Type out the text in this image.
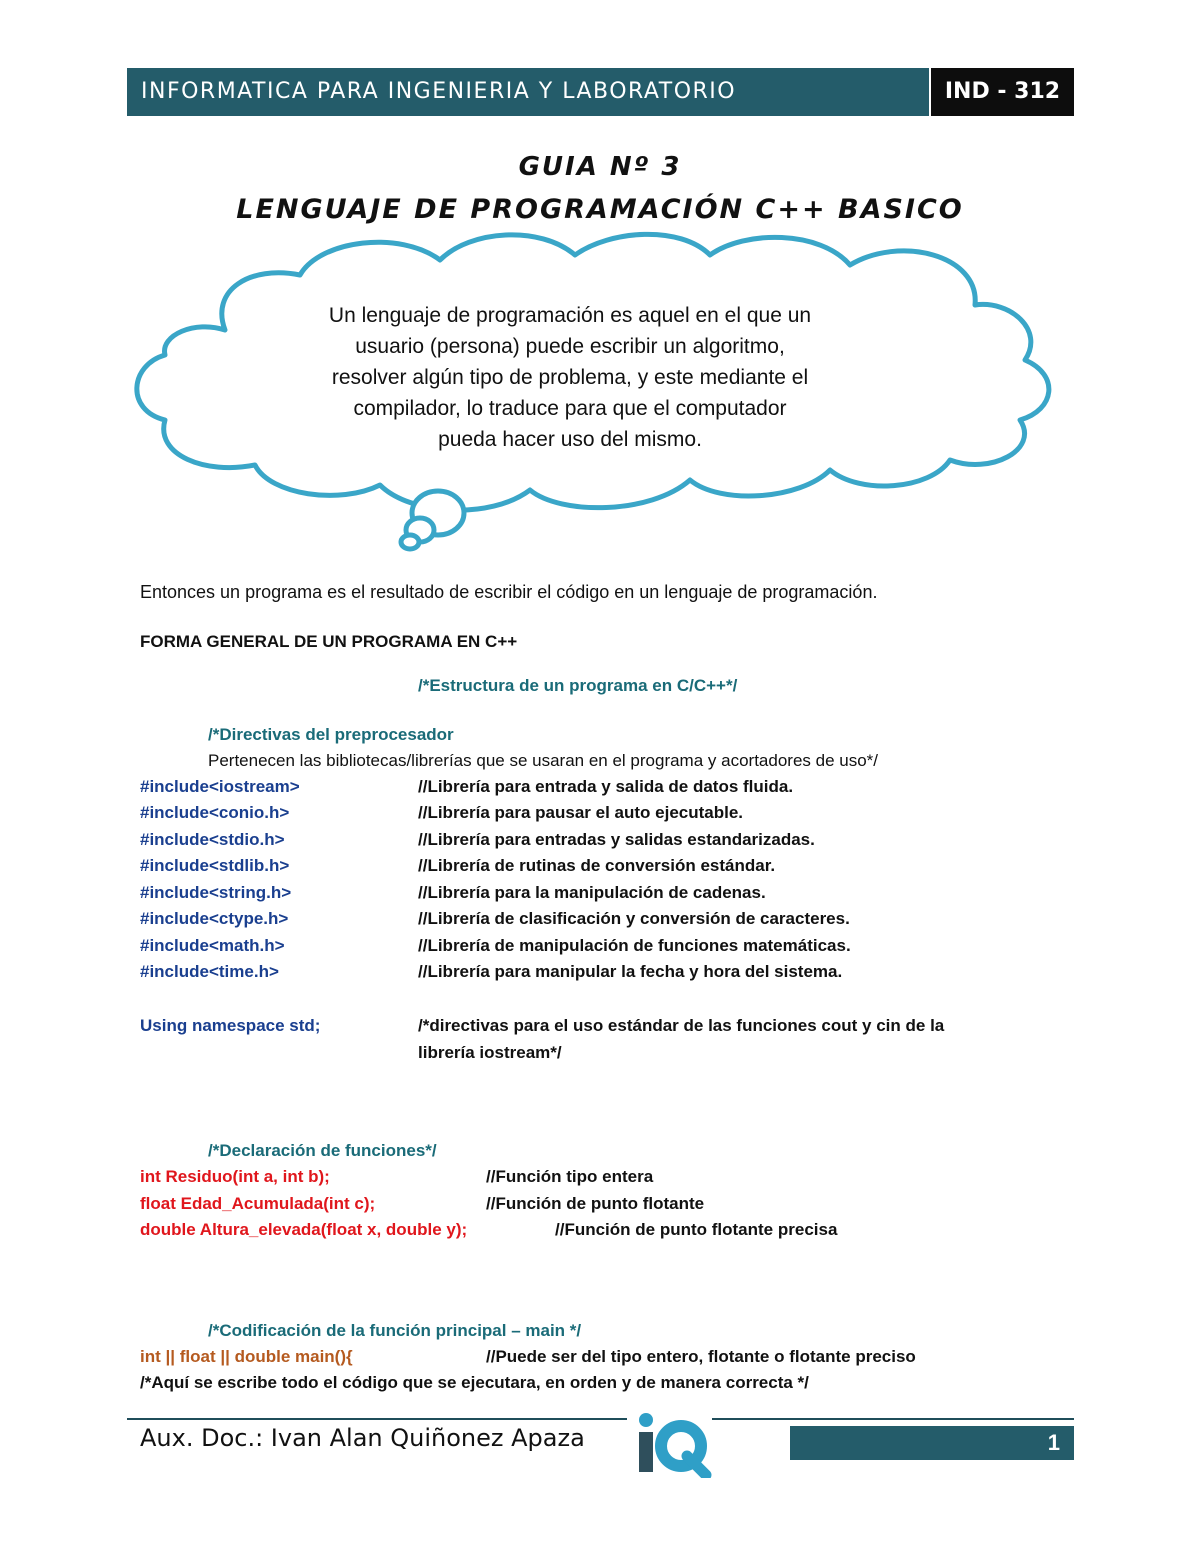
INFORMATICA PARA INGENIERIA Y LABORATORIO	IND - 312
GUIA Nº 3
LENGUAJE DE PROGRAMACIÓN C++ BASICO
Un lenguaje de programación es aquel en el que un
usuario (persona) puede escribir un algoritmo,
resolver algún tipo de problema, y este mediante el
compilador, lo traduce para que el computador
pueda hacer uso del mismo.
Entonces un programa es el resultado de escribir el código en un lenguaje de programación.
FORMA GENERAL DE UN PROGRAMA EN C++
/*Estructura de un programa en C/C++*/
/*Directivas del preprocesador
Pertenecen las bibliotecas/librerías que se usaran en el programa y acortadores de uso*/
#include<iostream>	//Librería para entrada y salida de datos fluida.
#include<conio.h>	//Librería para pausar el auto ejecutable.
#include<stdio.h>	//Librería para entradas y salidas estandarizadas.
#include<stdlib.h>	//Librería de rutinas de conversión estándar.
#include<string.h>	//Librería para la manipulación de cadenas.
#include<ctype.h>	//Librería de clasificación y conversión de caracteres.
#include<math.h>	//Librería de manipulación de funciones matemáticas.
#include<time.h>	//Librería para manipular la fecha y hora del sistema.
Using namespace std;	/*directivas para el uso estándar de las funciones cout y cin de la
librería iostream*/
/*Declaración de funciones*/
int Residuo(int a, int b);	//Función tipo entera
float Edad_Acumulada(int c);	//Función de punto flotante
double Altura_elevada(float x, double y);	//Función de punto flotante precisa
/*Codificación de la función principal – main */
int || float || double main(){	//Puede ser del tipo entero, flotante o flotante preciso
/*Aquí se escribe todo el código que se ejecutara, en orden y de manera correcta */
Aux. Doc.: Ivan Alan Quiñonez Apaza	1
iQ
